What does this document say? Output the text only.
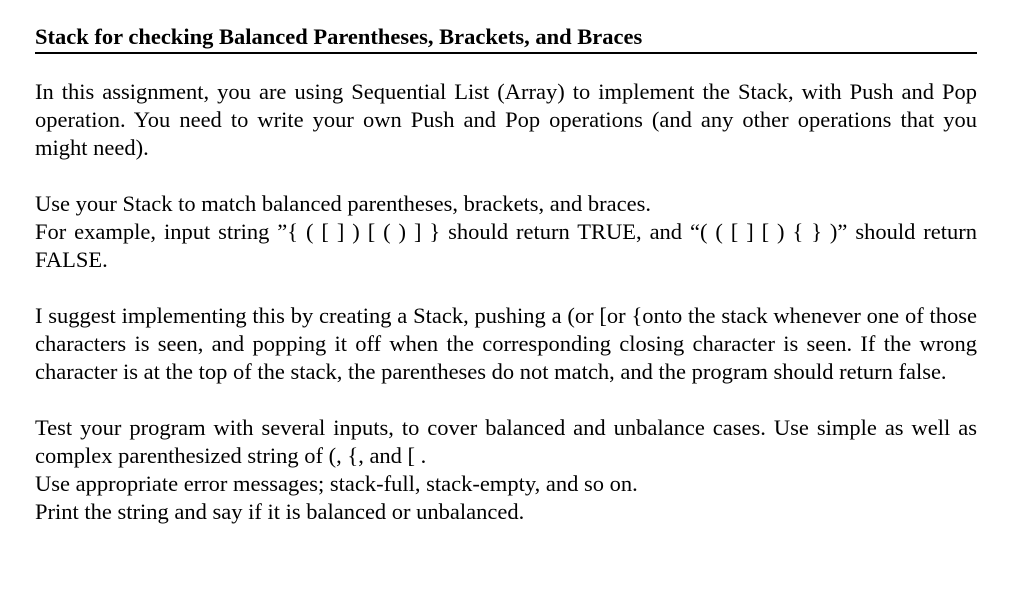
Stack for checking Balanced Parentheses, Brackets, and Braces

In this assignment, you are using Sequential List (Array) to implement the Stack, with Push and Pop operation. You need to write your own Push and Pop operations (and any other operations that you might need).

Use your Stack to match balanced parentheses, brackets, and braces.
For example, input string ”{ ( [ ] ) [ ( ) ] } should return TRUE, and “( ( [ ] [ ) { } )” should return FALSE.

I suggest implementing this by creating a Stack, pushing a (or [or {onto the stack whenever one of those characters is seen, and popping it off when the corresponding closing character is seen. If the wrong character is at the top of the stack, the parentheses do not match, and the program should return false.

Test your program with several inputs, to cover balanced and unbalance cases. Use simple as well as complex parenthesized string of (, {, and [ .
Use appropriate error messages; stack-full, stack-empty, and so on.
Print the string and say if it is balanced or unbalanced.
